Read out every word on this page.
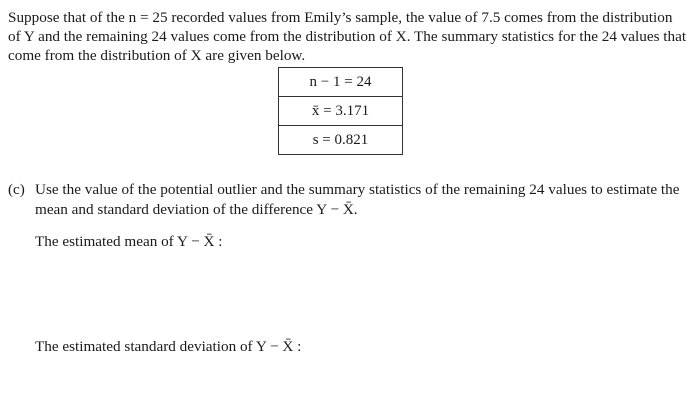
Suppose that of the n = 25 recorded values from Emily’s sample, the value of 7.5 comes from the distribution
of Y and the remaining 24 values come from the distribution of X. The summary statistics for the 24 values that
come from the distribution of X are given below.
n − 1 = 24
x̄ = 3.171
s = 0.821
(c) Use the value of the potential outlier and the summary statistics of the remaining 24 values to estimate the
mean and standard deviation of the difference Y − X̄.
The estimated mean of Y − X̄ :
The estimated standard deviation of Y − X̄ :
